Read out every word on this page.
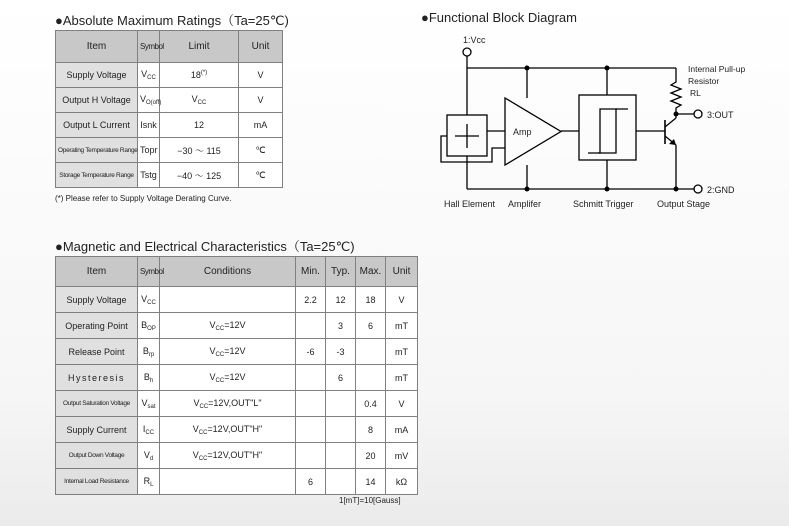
●Absolute Maximum Ratings（Ta=25℃)
Item	Symbol	Limit	Unit
Supply Voltage	$V_{CC}$	18(*)	V
Output H Voltage	$V_{O(off)}$	$V_{CC}$	V
Output L Current	Isnk	12	mA
Operating Temperature Range	Topr	−30 ～ 115	℃
Storage Temperature Range	Tstg	−40 ～ 125	℃
(*) Please refer to Supply Voltage Derating Curve.
●Functional Block Diagram
1:Vcc
Amp
3:OUT
2:GND
Internal Pull-up
Resistor
RL
Hall Element Amplifer	Schmitt Trigger	Output Stage
●Magnetic and Electrical Characteristics（Ta=25℃)
Item	Symbol	Conditions	Min.	Typ.	Max.	Unit
Supply Voltage	$V_{CC}$		2.2	12	18	V
Operating Point	$B_{OP}$	$V_{CC}=12V$		3	6	mT
Release Point	$B_{rp}$	$V_{CC}=12V$	-6	-3		mT
Hysteresis	$B_h$	$V_{CC}=12V$		6		mT
Output Saturation Voltage	$V_{sat}$	$V_{CC}=12V,OUT"L$"			0.4	V
Supply Current	$I_{CC}$	$V_{CC}=12V,OUT"H$"			8	mA
Output Down Voltage	$V_d$	$V_{CC}=12V,OUT"H$"			20	mV
Internal Load Resistance	$R_L$		6		14	kΩ
1[mT]=10[Gauss]
